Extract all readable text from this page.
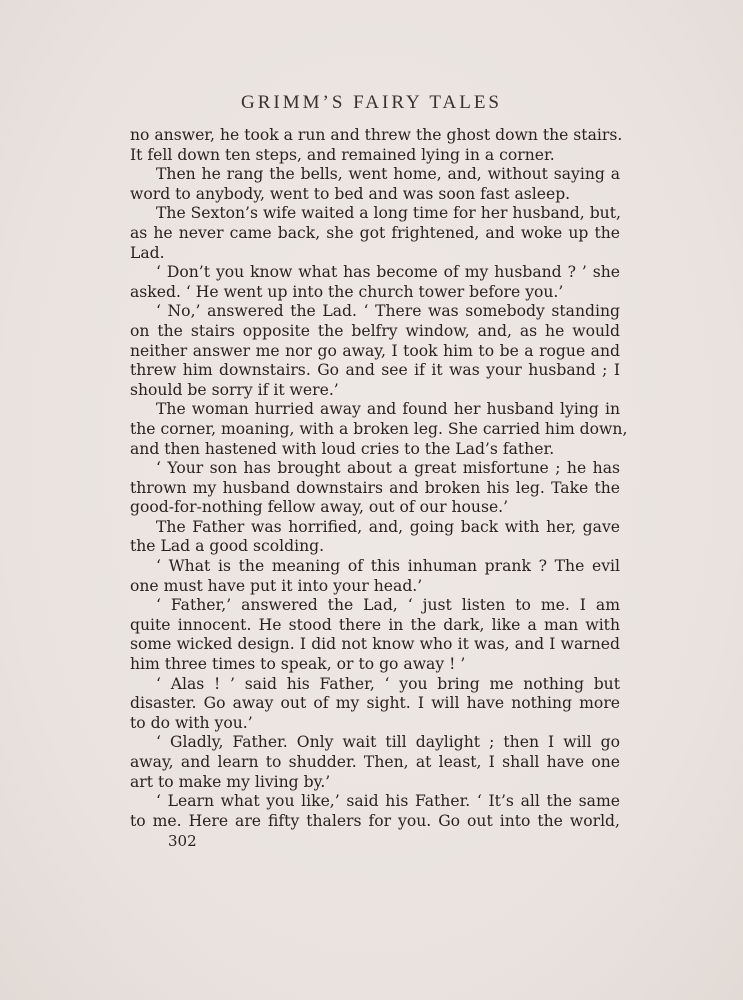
GRIMM’S FAIRY TALES
no answer, he took a run and threw the ghost down the stairs.
It fell down ten steps, and remained lying in a corner.
Then he rang the bells, went home, and, without saying a
word to anybody, went to bed and was soon fast asleep.
The Sexton’s wife waited a long time for her husband, but,
as he never came back, she got frightened, and woke up the
Lad.
‘ Don’t you know what has become of my husband ? ’ she
asked. ‘ He went up into the church tower before you.’
‘ No,’ answered the Lad. ‘ There was somebody standing
on the stairs opposite the belfry window, and, as he would
neither answer me nor go away, I took him to be a rogue and
threw him downstairs. Go and see if it was your husband ; I
should be sorry if it were.’
The woman hurried away and found her husband lying in
the corner, moaning, with a broken leg. She carried him down,
and then hastened with loud cries to the Lad’s father.
‘ Your son has brought about a great misfortune ; he has
thrown my husband downstairs and broken his leg. Take the
good-for-nothing fellow away, out of our house.’
The Father was horrified, and, going back with her, gave
the Lad a good scolding.
‘ What is the meaning of this inhuman prank ? The evil
one must have put it into your head.’
‘ Father,’ answered the Lad, ‘ just listen to me. I am
quite innocent. He stood there in the dark, like a man with
some wicked design. I did not know who it was, and I warned
him three times to speak, or to go away ! ’
‘ Alas ! ’ said his Father, ‘ you bring me nothing but
disaster. Go away out of my sight. I will have nothing more
to do with you.’
‘ Gladly, Father. Only wait till daylight ; then I will go
away, and learn to shudder. Then, at least, I shall have one
art to make my living by.’
‘ Learn what you like,’ said his Father. ‘ It’s all the same
to me. Here are fifty thalers for you. Go out into the world,
302
